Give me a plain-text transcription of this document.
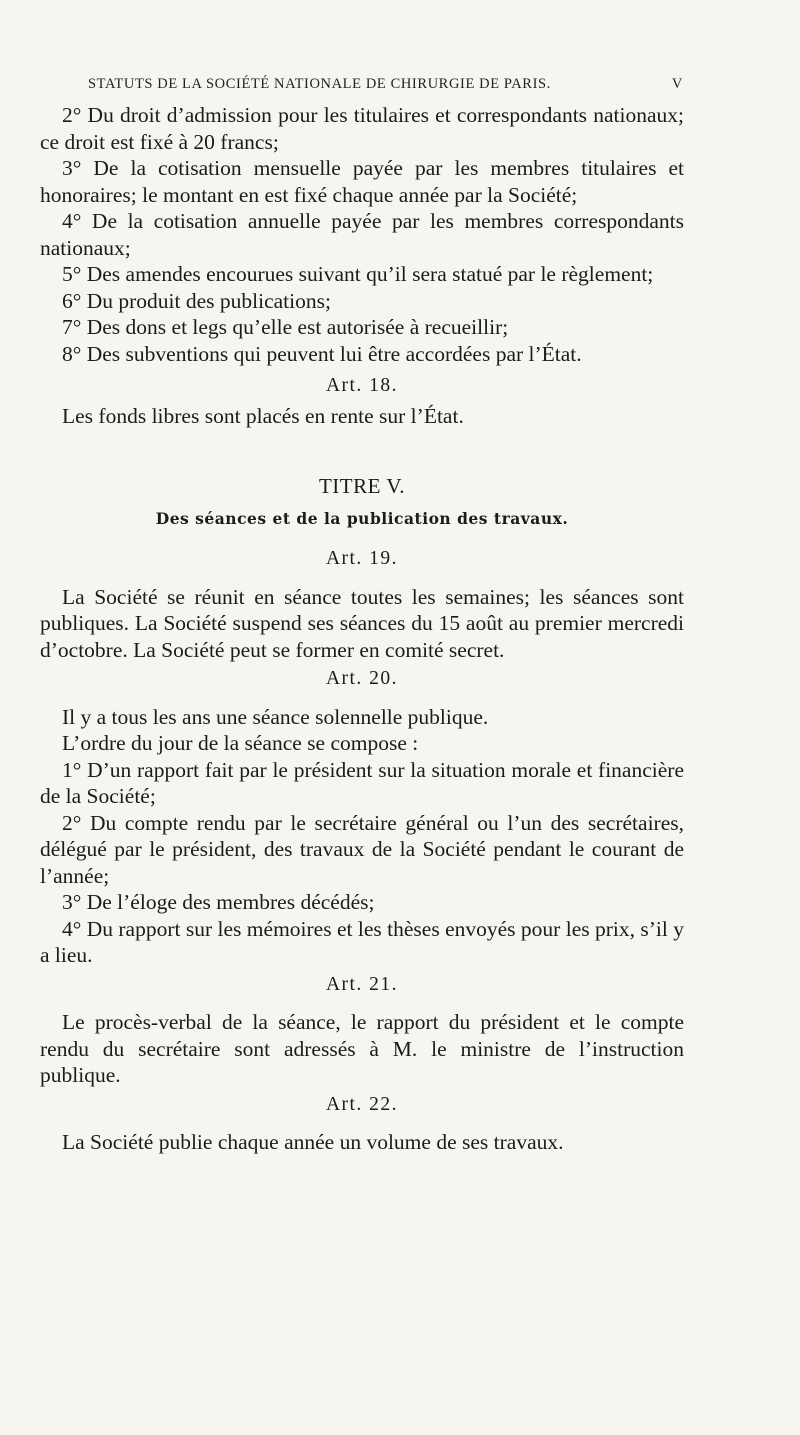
STATUTS DE LA SOCIÉTÉ NATIONALE DE CHIRURGIE DE PARIS.	V

2° Du droit d’admission pour les titulaires et correspondants nationaux; ce droit est fixé à 20 francs;

3° De la cotisation mensuelle payée par les membres titulaires et honoraires; le montant en est fixé chaque année par la Société;

4° De la cotisation annuelle payée par les membres correspondants nationaux;

5° Des amendes encourues suivant qu’il sera statué par le règlement;

6° Du produit des publications;

7° Des dons et legs qu’elle est autorisée à recueillir;

8° Des subventions qui peuvent lui être accordées par l’État.

Art. 18.

Les fonds libres sont placés en rente sur l’État.

TITRE V.
Des séances et de la publication des travaux.
Art. 19.

La Société se réunit en séance toutes les semaines; les séances sont publiques. La Société suspend ses séances du 15 août au premier mercredi d’octobre. La Société peut se former en comité secret.

Art. 20.

Il y a tous les ans une séance solennelle publique.

L’ordre du jour de la séance se compose :

1° D’un rapport fait par le président sur la situation morale et financière de la Société;

2° Du compte rendu par le secrétaire général ou l’un des secrétaires, délégué par le président, des travaux de la Société pendant le courant de l’année;

3° De l’éloge des membres décédés;

4° Du rapport sur les mémoires et les thèses envoyés pour les prix, s’il y a lieu.

Art. 21.

Le procès-verbal de la séance, le rapport du président et le compte rendu du secrétaire sont adressés à M. le ministre de l’instruction publique.

Art. 22.

La Société publie chaque année un volume de ses travaux.
